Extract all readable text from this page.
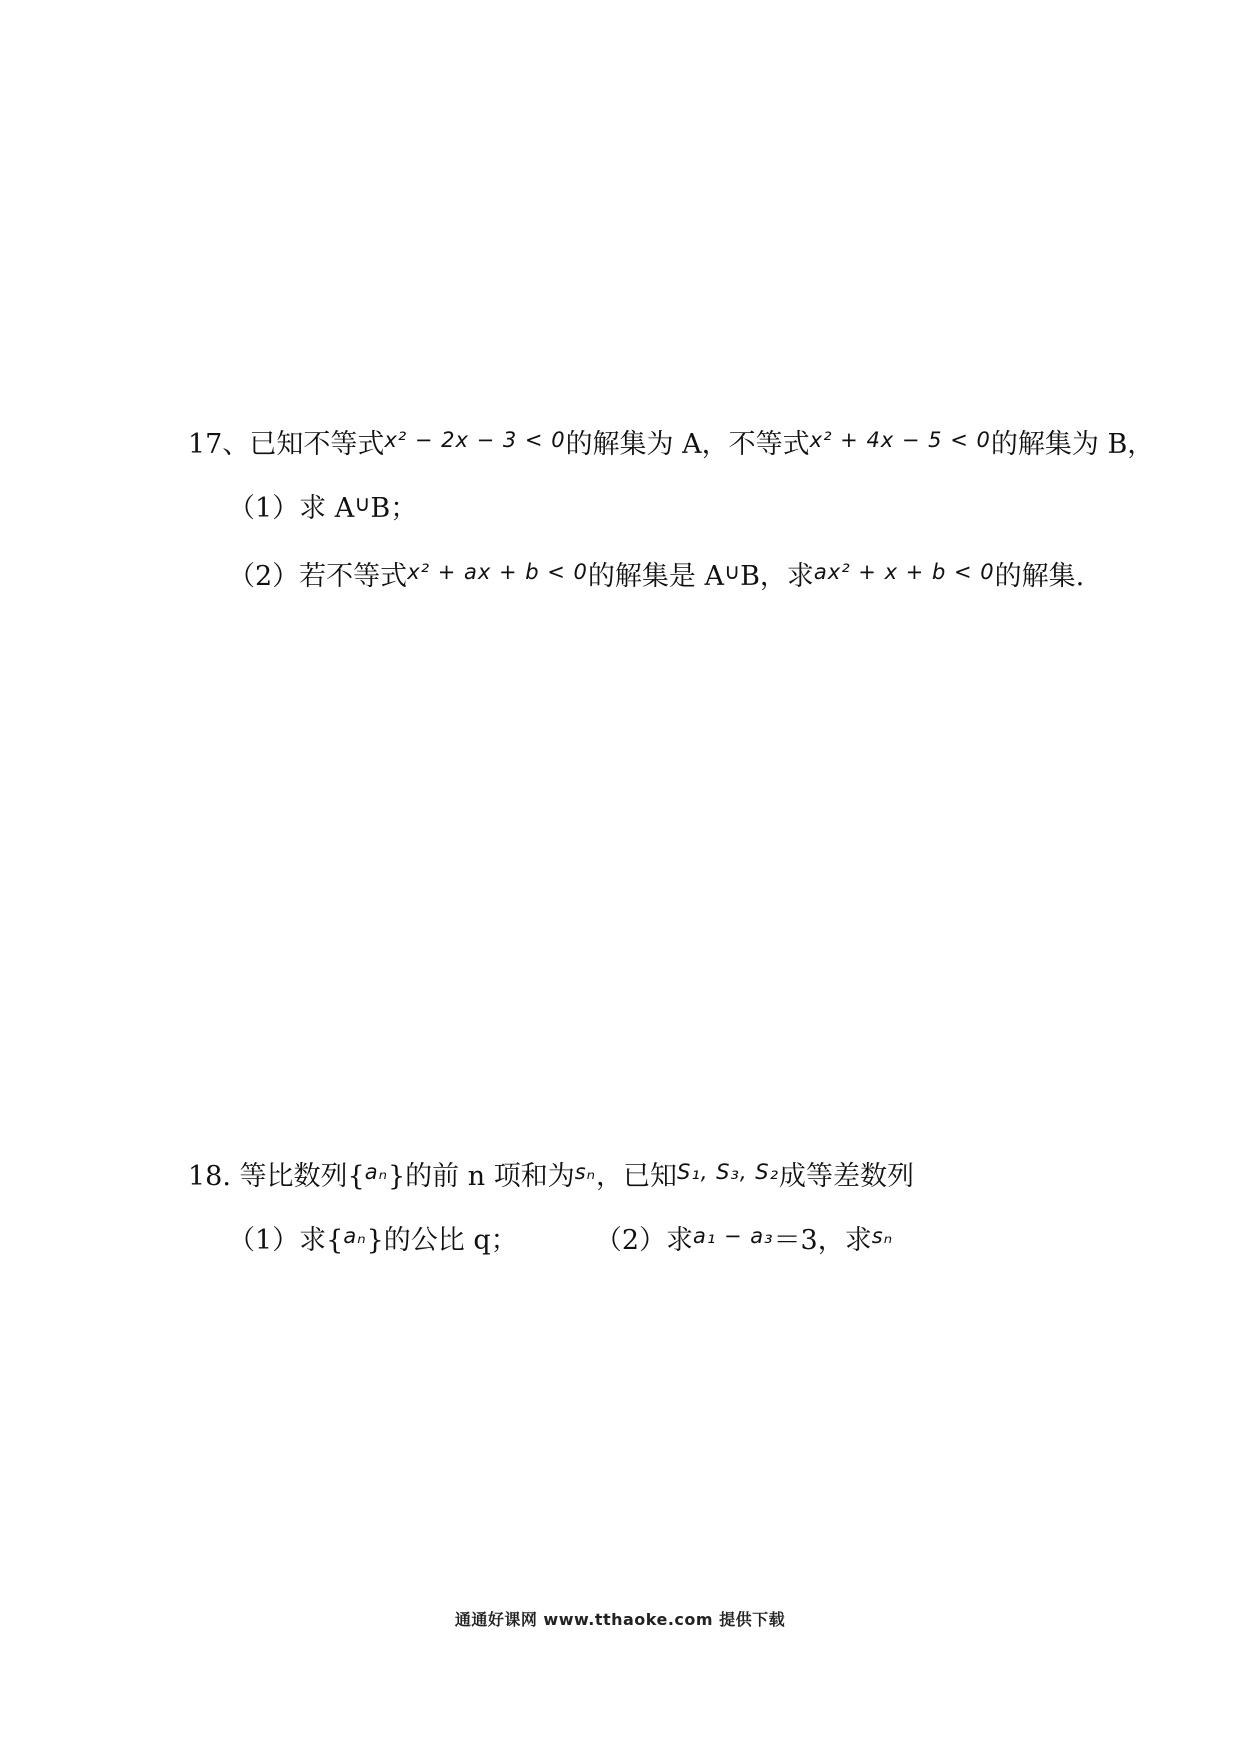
17、已知不等式$^{x^2 - 2x - 3 < 0}$的解集为 A，不等式$^{x^2 + 4x - 5 < 0}$的解集为 B，
（1）求 A∪B；
（2）若不等式$^{x^2 + ax + b < 0}$的解集是 A∪B，求$^{ax^2 + x + b < 0}$的解集.
18. 等比数列{$^{a_n}$}的前 n 项和为$^{s_n}$，已知$^{S_1, S_3, S_2}$成等差数列
（1）求{$^{a_n}$}的公比 q；	（2）求$^{a_1 - a_3}$＝3，求$^{s_n}$
通通好课网 www.tthaoke.com 提供下载
